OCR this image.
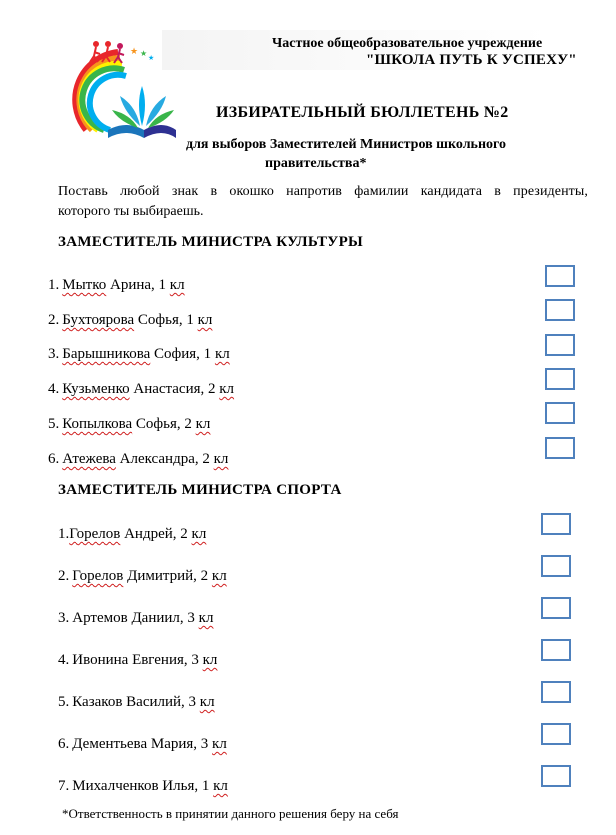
★ ★ ★
Частное общеобразовательное учреждение
"ШКОЛА ПУТЬ К УСПЕХУ"
ИЗБИРАТЕЛЬНЫЙ БЮЛЛЕТЕНЬ №2
для выборов Заместителей Министров школьного
правительства*
Поставь любой знак в окошко напротив фамилии кандидата в президенты,
которого ты выбираешь.
ЗАМЕСТИТЕЛЬ МИНИСТРА КУЛЬТУРЫ
1. Мытко Арина, 1 кл
2. Бухтоярова Софья, 1 кл
3. Барышникова София, 1 кл
4. Кузьменко Анастасия, 2 кл
5. Копылкова Софья, 2 кл
6. Атежева Александра, 2 кл
ЗАМЕСТИТЕЛЬ МИНИСТРА СПОРТА
1.Горелов Андрей, 2 кл
2. Горелов Димитрий, 2 кл
3. Артемов Даниил, 3 кл
4. Ивонина Евгения, 3 кл
5. Казаков Василий, 3 кл
6. Дементьева Мария, 3 кл
7. Михалченков Илья, 1 кл
*Ответственность в принятии данного решения беру на себя
